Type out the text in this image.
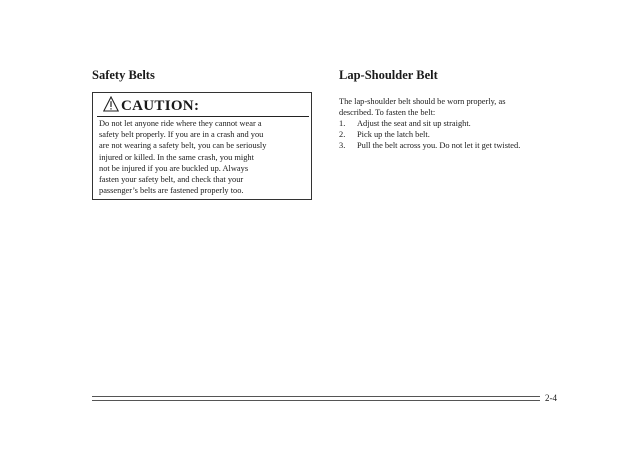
Safety Belts
CAUTION:
Do not let anyone ride where they cannot wear a
safety belt properly. If you are in a crash and you
are not wearing a safety belt, you can be seriously
injured or killed. In the same crash, you might
not be injured if you are buckled up. Always
fasten your safety belt, and check that your
passenger’s belts are fastened properly too.
Lap-Shoulder Belt
The lap-shoulder belt should be worn properly, as
described. To fasten the belt:
1. Adjust the seat and sit up straight.
2. Pick up the latch belt.
3. Pull the belt across you. Do not let it get twisted.
2-4
